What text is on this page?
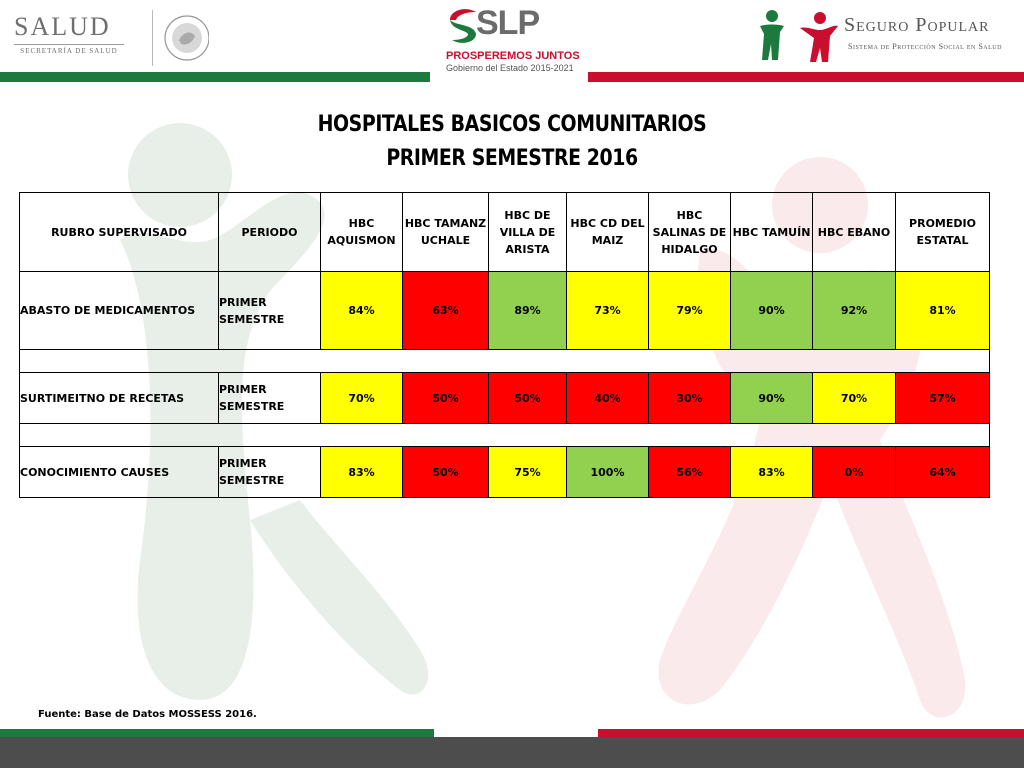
SALUD
SECRETARÍA DE SALUD
SLP
PROSPEREMOS JUNTOS
Gobierno del Estado 2015-2021
Seguro Popular
Sistema de Protección Social en Salud
HOSPITALES BASICOS COMUNITARIOS
PRIMER SEMESTRE 2016
RUBRO SUPERVISADO	PERIODO	HBC AQUISMON	HBC TAMANZUCHALE	HBC DE VILLA DE ARISTA	HBC CD DEL MAIZ	HBC SALINAS DE HIDALGO	HBC TAMUÍN	HBC EBANO	PROMEDIO ESTATAL
ABASTO DE MEDICAMENTOS	PRIMER SEMESTRE	84%	63%	89%	73%	79%	90%	92%	81%

SURTIMEITNO DE RECETAS	PRIMER SEMESTRE	70%	50%	50%	40%	30%	90%	70%	57%

CONOCIMIENTO CAUSES	PRIMER SEMESTRE	83%	50%	75%	100%	56%	83%	0%	64%
Fuente: Base de Datos MOSSESS 2016.
